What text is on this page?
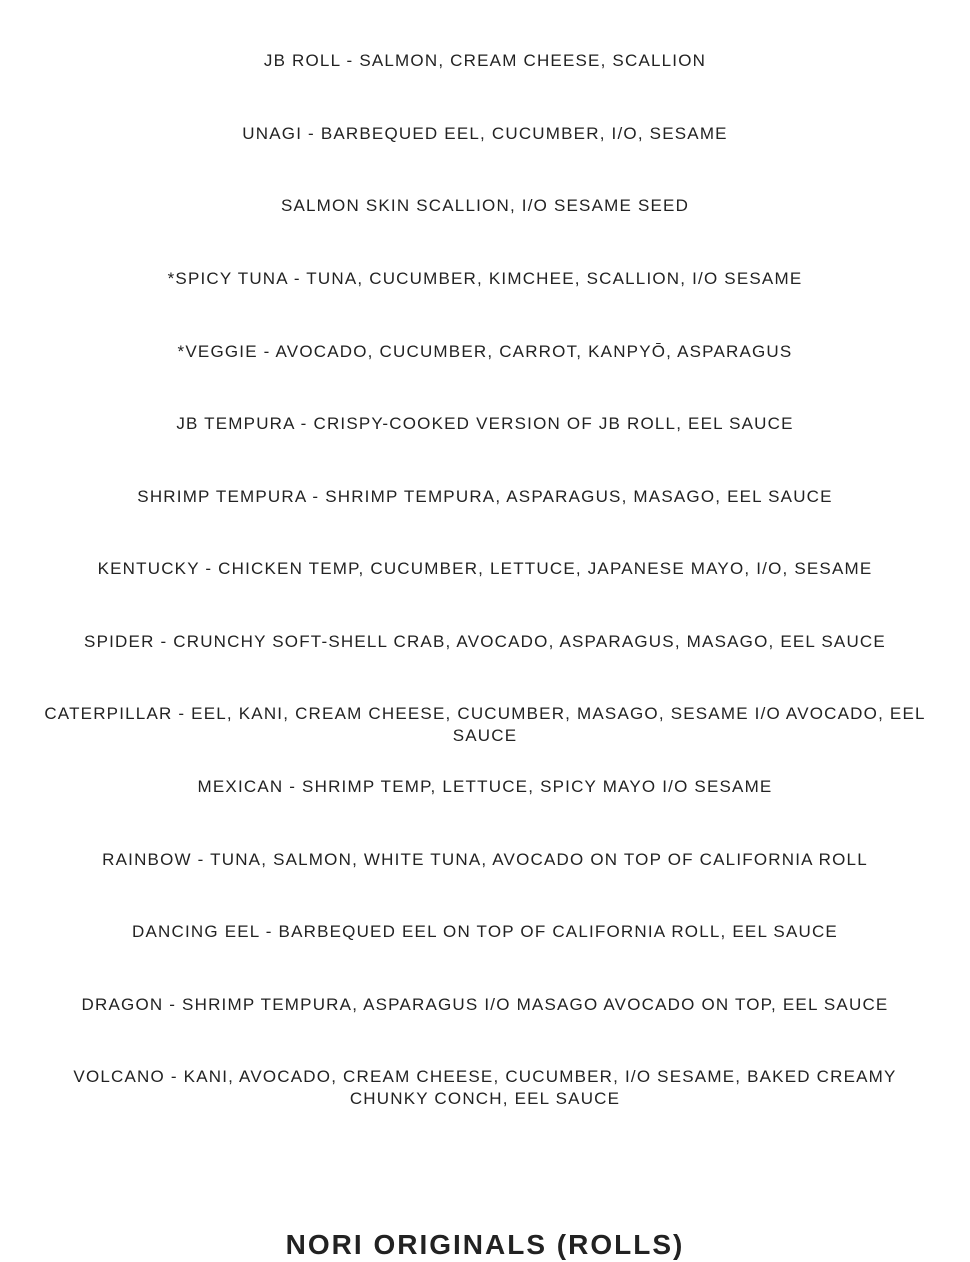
JB ROLL - SALMON, CREAM CHEESE, SCALLION
UNAGI - BARBEQUED EEL, CUCUMBER, I/O, SESAME
SALMON SKIN SCALLION, I/O SESAME SEED
*SPICY TUNA - TUNA, CUCUMBER, KIMCHEE, SCALLION, I/O SESAME
*VEGGIE - AVOCADO, CUCUMBER, CARROT, KANPYŌ, ASPARAGUS
JB TEMPURA - CRISPY-COOKED VERSION OF JB ROLL, EEL SAUCE
SHRIMP TEMPURA - SHRIMP TEMPURA, ASPARAGUS, MASAGO, EEL SAUCE
KENTUCKY - CHICKEN TEMP, CUCUMBER, LETTUCE, JAPANESE MAYO, I/O, SESAME
SPIDER - CRUNCHY SOFT-SHELL CRAB, AVOCADO, ASPARAGUS, MASAGO, EEL SAUCE
CATERPILLAR - EEL, KANI, CREAM CHEESE, CUCUMBER, MASAGO, SESAME I/O AVOCADO, EEL SAUCE
MEXICAN - SHRIMP TEMP, LETTUCE, SPICY MAYO I/O SESAME
RAINBOW - TUNA, SALMON, WHITE TUNA, AVOCADO ON TOP OF CALIFORNIA ROLL
DANCING EEL - BARBEQUED EEL ON TOP OF CALIFORNIA ROLL, EEL SAUCE
DRAGON - SHRIMP TEMPURA, ASPARAGUS I/O MASAGO AVOCADO ON TOP, EEL SAUCE
VOLCANO - KANI, AVOCADO, CREAM CHEESE, CUCUMBER, I/O SESAME, BAKED CREAMY CHUNKY CONCH, EEL SAUCE
NORI ORIGINALS (ROLLS)
